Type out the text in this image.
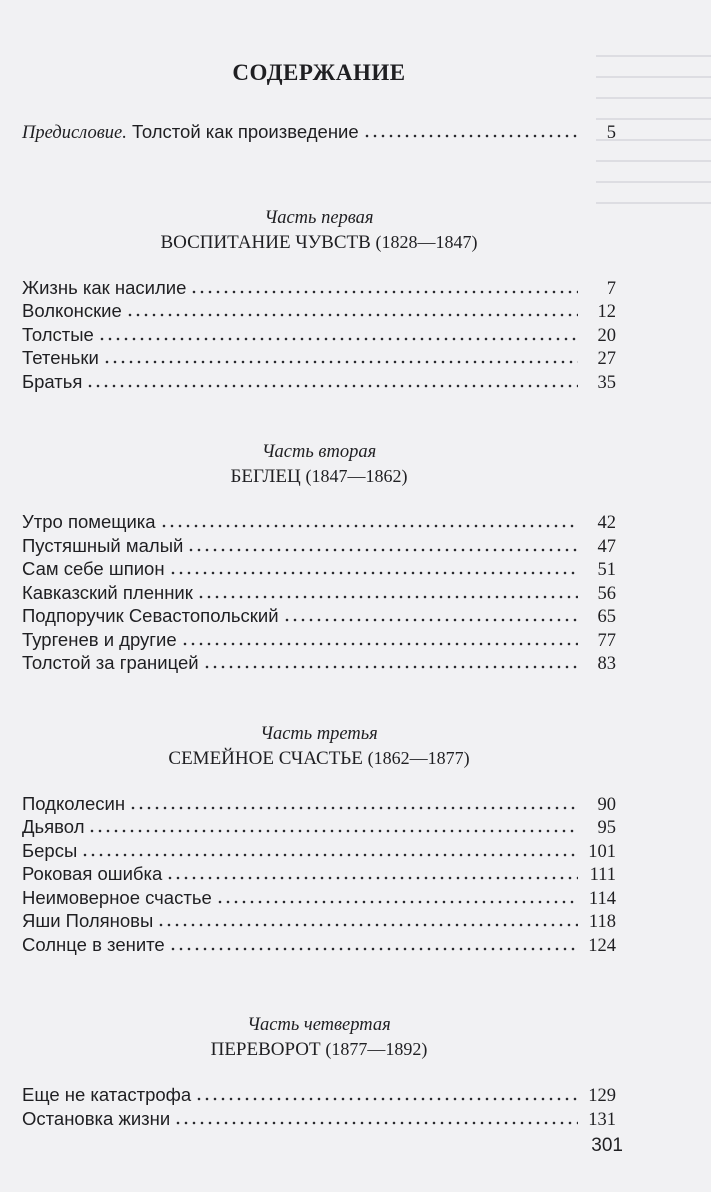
СОДЕРЖАНИЕ
Предисловие. Толстой как произведение	5
Часть первая
ВОСПИТАНИЕ ЧУВСТВ (1828—1847)
Жизнь как насилие	7
Волконские	12
Толстые	20
Тетеньки	27
Братья	35
Часть вторая
БЕГЛЕЦ (1847—1862)
Утро помещика	42
Пустяшный малый	47
Сам себе шпион	51
Кавказский пленник	56
Подпоручик Севастопольский	65
Тургенев и другие	77
Толстой за границей	83
Часть третья
СЕМЕЙНОЕ СЧАСТЬЕ (1862—1877)
Подколесин	90
Дьявол	95
Берсы	101
Роковая ошибка	111
Неимоверное счастье	114
Яши Поляновы	118
Солнце в зените	124
Часть четвертая
ПЕРЕВОРОТ (1877—1892)
Еще не катастрофа	129
Остановка жизни	131
301
